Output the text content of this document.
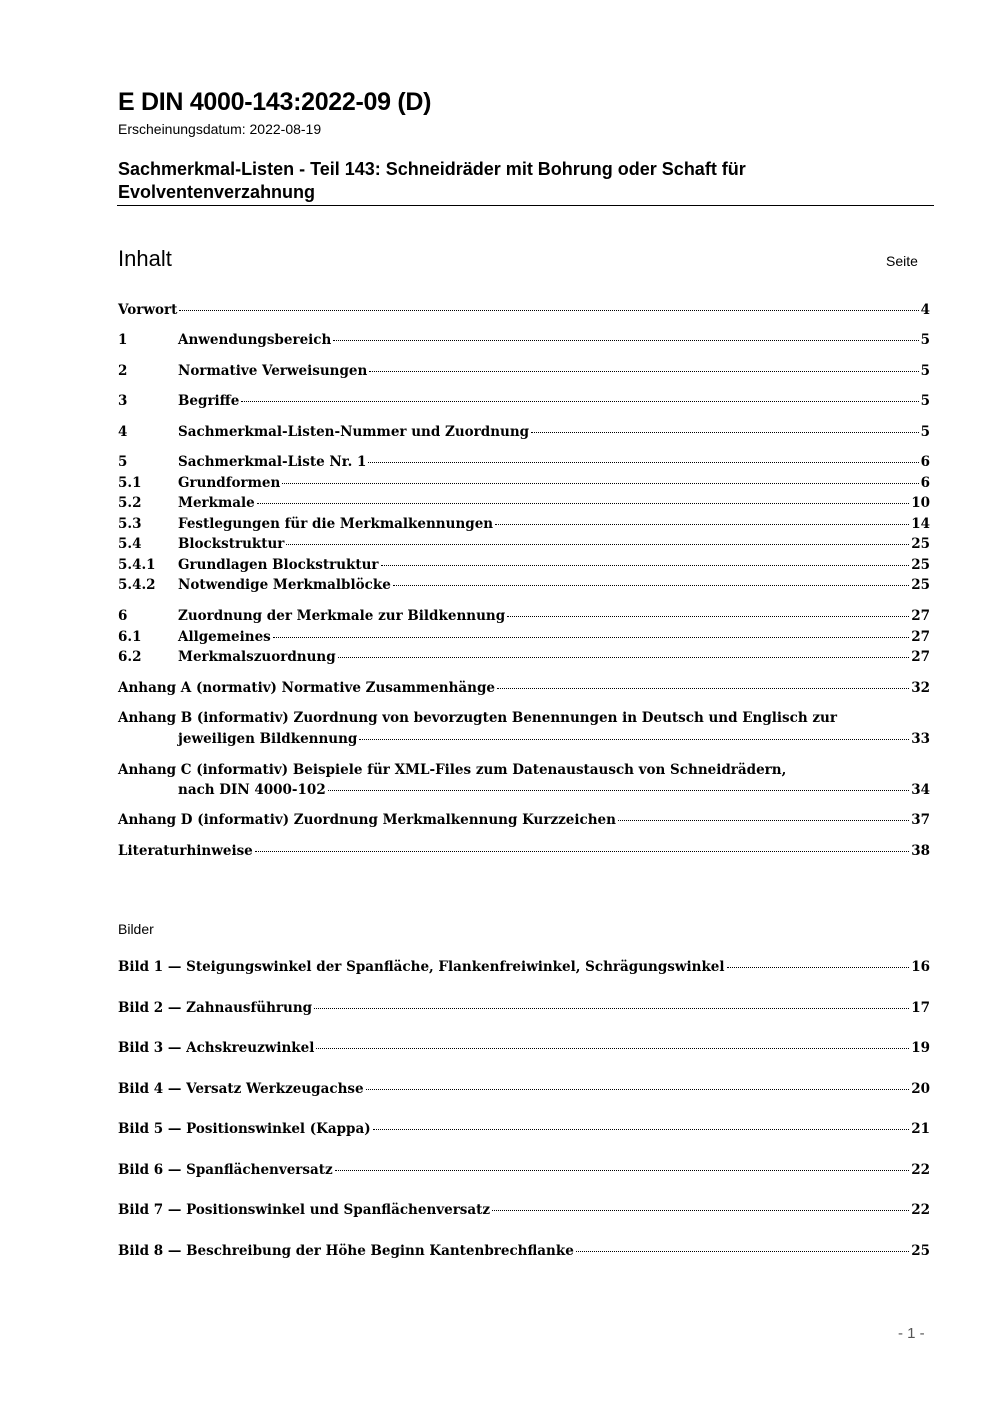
E DIN 4000-143:2022-09 (D)
Erscheinungsdatum: 2022-08-19
Sachmerkmal-Listen - Teil 143: Schneidräder mit Bohrung oder Schaft für
Evolventenverzahnung
Inhalt	Seite
Vorwort	4
1	Anwendungsbereich	5
2	Normative Verweisungen	5
3	Begriffe	5
4	Sachmerkmal-Listen-Nummer und Zuordnung	5
5	Sachmerkmal-Liste Nr. 1	6
5.1	Grundformen	6
5.2	Merkmale	10
5.3	Festlegungen für die Merkmalkennungen	14
5.4	Blockstruktur	25
5.4.1	Grundlagen Blockstruktur	25
5.4.2	Notwendige Merkmalblöcke	25
6	Zuordnung der Merkmale zur Bildkennung	27
6.1	Allgemeines	27
6.2	Merkmalszuordnung	27
Anhang A (normativ) Normative Zusammenhänge	32
Anhang B (informativ) Zuordnung von bevorzugten Benennungen in Deutsch und Englisch zur
jeweiligen Bildkennung	33
Anhang C (informativ) Beispiele für XML-Files zum Datenaustausch von Schneidrädern,
nach DIN 4000-102	34
Anhang D (informativ) Zuordnung Merkmalkennung Kurzzeichen	37
Literaturhinweise	38
Bilder
Bild 1 — Steigungswinkel der Spanfläche, Flankenfreiwinkel, Schrägungswinkel	16
Bild 2 — Zahnausführung	17
Bild 3 — Achskreuzwinkel	19
Bild 4 — Versatz Werkzeugachse	20
Bild 5 — Positionswinkel (Kappa)	21
Bild 6 — Spanflächenversatz	22
Bild 7 — Positionswinkel und Spanflächenversatz	22
Bild 8 — Beschreibung der Höhe Beginn Kantenbrechflanke	25
- 1 -
